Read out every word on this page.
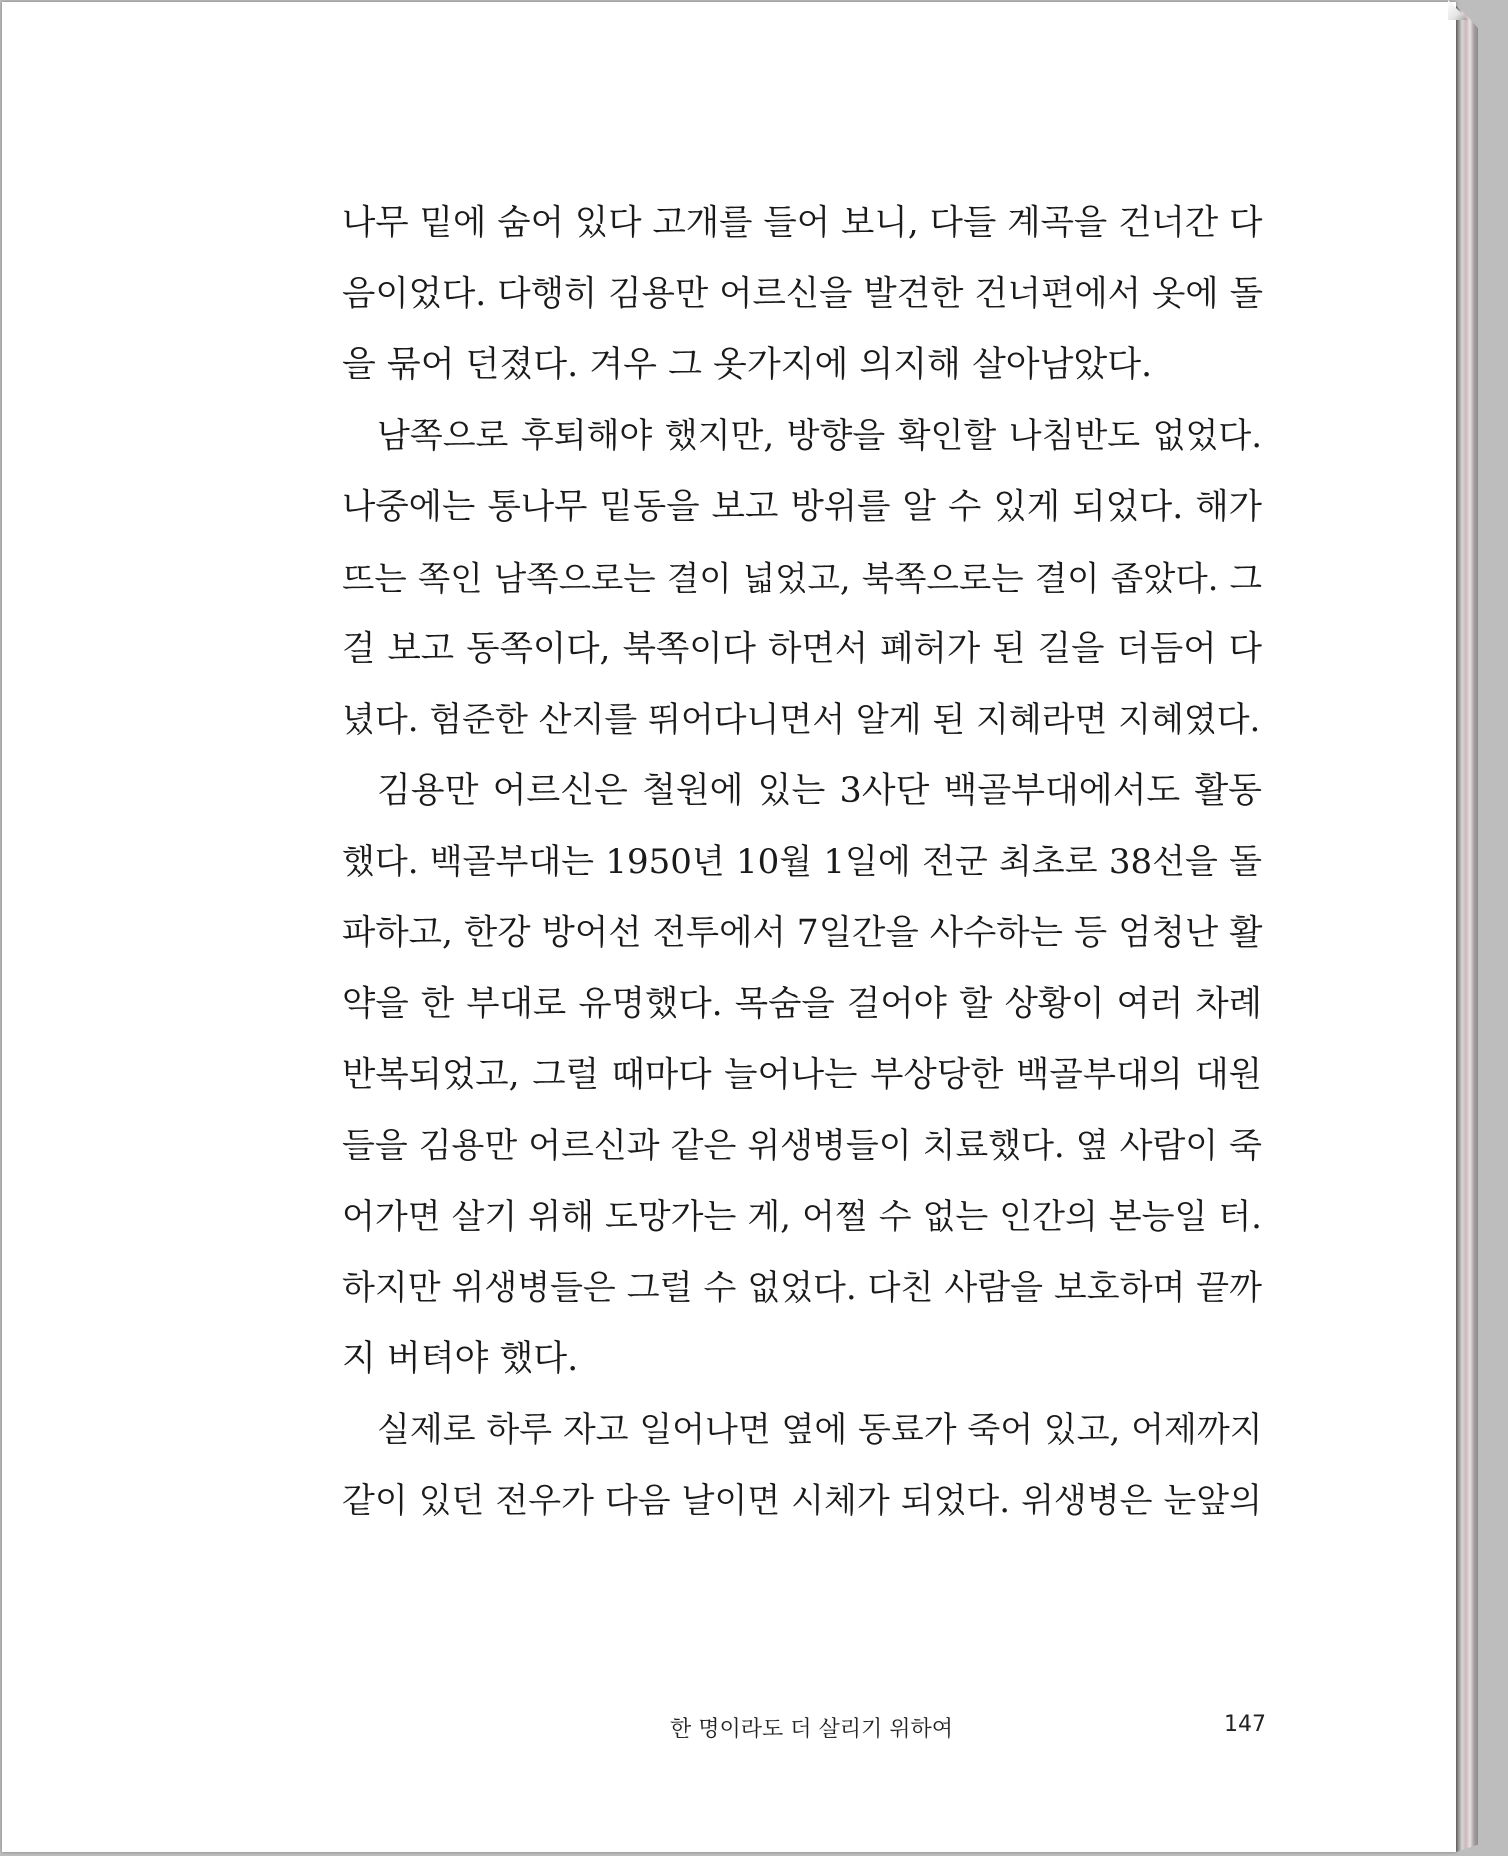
나무 밑에 숨어 있다 고개를 들어 보니, 다들 계곡을 건너간 다
음이었다. 다행히 김용만 어르신을 발견한 건너편에서 옷에 돌
을 묶어 던졌다. 겨우 그 옷가지에 의지해 살아남았다.
남쪽으로 후퇴해야 했지만, 방향을 확인할 나침반도 없었다.
나중에는 통나무 밑동을 보고 방위를 알 수 있게 되었다. 해가
뜨는 쪽인 남쪽으로는 결이 넓었고, 북쪽으로는 결이 좁았다. 그
걸 보고 동쪽이다, 북쪽이다 하면서 폐허가 된 길을 더듬어 다
녔다. 험준한 산지를 뛰어다니면서 알게 된 지혜라면 지혜였다.
김용만 어르신은 철원에 있는 3사단 백골부대에서도 활동
했다. 백골부대는 1950년 10월 1일에 전군 최초로 38선을 돌
파하고, 한강 방어선 전투에서 7일간을 사수하는 등 엄청난 활
약을 한 부대로 유명했다. 목숨을 걸어야 할 상황이 여러 차례
반복되었고, 그럴 때마다 늘어나는 부상당한 백골부대의 대원
들을 김용만 어르신과 같은 위생병들이 치료했다. 옆 사람이 죽
어가면 살기 위해 도망가는 게, 어쩔 수 없는 인간의 본능일 터.
하지만 위생병들은 그럴 수 없었다. 다친 사람을 보호하며 끝까
지 버텨야 했다.
실제로 하루 자고 일어나면 옆에 동료가 죽어 있고, 어제까지
같이 있던 전우가 다음 날이면 시체가 되었다. 위생병은 눈앞의
한 명이라도 더 살리기 위하여	147
